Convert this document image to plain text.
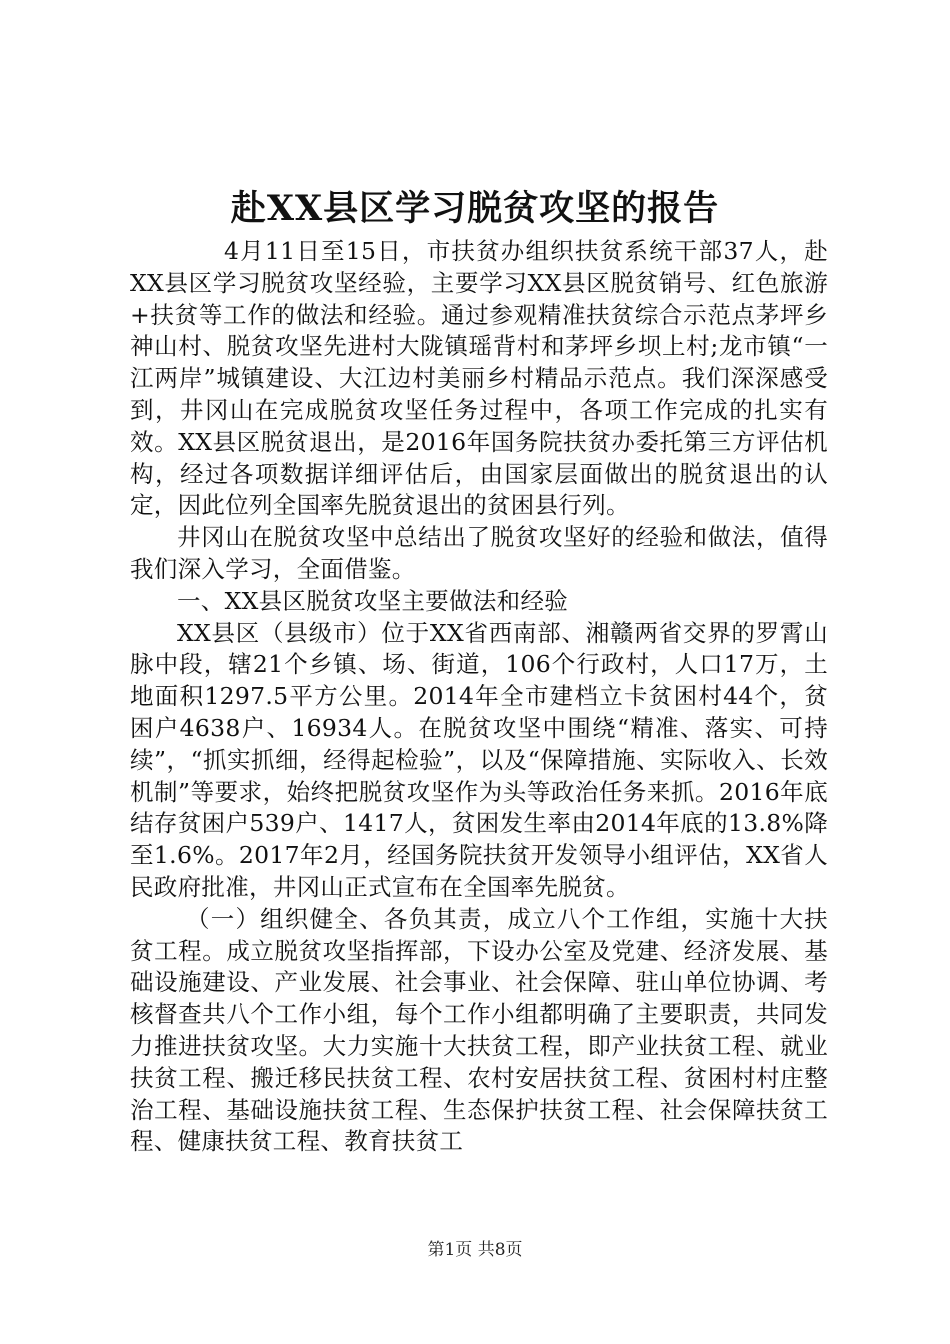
赴XX县区学习脱贫攻坚的报告

4月11日至15日，市扶贫办组织扶贫系统干部37人，赴XX县区学习脱贫攻坚经验，主要学习XX县区脱贫销号、红色旅游+扶贫等工作的做法和经验。通过参观精准扶贫综合示范点茅坪乡神山村、脱贫攻坚先进村大陇镇瑶背村和茅坪乡坝上村;龙市镇“一江两岸”城镇建设、大江边村美丽乡村精品示范点。我们深深感受到，井冈山在完成脱贫攻坚任务过程中，各项工作完成的扎实有效。XX县区脱贫退出，是2016年国务院扶贫办委托第三方评估机构，经过各项数据详细评估后，由国家层面做出的脱贫退出的认定，因此位列全国率先脱贫退出的贫困县行列。

井冈山在脱贫攻坚中总结出了脱贫攻坚好的经验和做法，值得我们深入学习，全面借鉴。

一、XX县区脱贫攻坚主要做法和经验

XX县区（县级市）位于XX省西南部、湘赣两省交界的罗霄山脉中段，辖21个乡镇、场、街道，106个行政村，人口17万，土地面积1297.5平方公里。2014年全市建档立卡贫困村44个，贫困户4638户、16934人。在脱贫攻坚中围绕“精准、落实、可持续”，“抓实抓细，经得起检验”，以及“保障措施、实际收入、长效机制”等要求，始终把脱贫攻坚作为头等政治任务来抓。2016年底结存贫困户539户、1417人，贫困发生率由2014年底的13.8%降至1.6%。2017年2月，经国务院扶贫开发领导小组评估，XX省人民政府批准，井冈山正式宣布在全国率先脱贫。

（一）组织健全、各负其责，成立八个工作组，实施十大扶贫工程。成立脱贫攻坚指挥部，下设办公室及党建、经济发展、基础设施建设、产业发展、社会事业、社会保障、驻山单位协调、考核督查共八个工作小组，每个工作小组都明确了主要职责，共同发力推进扶贫攻坚。大力实施十大扶贫工程，即产业扶贫工程、就业扶贫工程、搬迁移民扶贫工程、农村安居扶贫工程、贫困村村庄整治工程、基础设施扶贫工程、生态保护扶贫工程、社会保障扶贫工程、健康扶贫工程、教育扶贫工

第1页 共8页
